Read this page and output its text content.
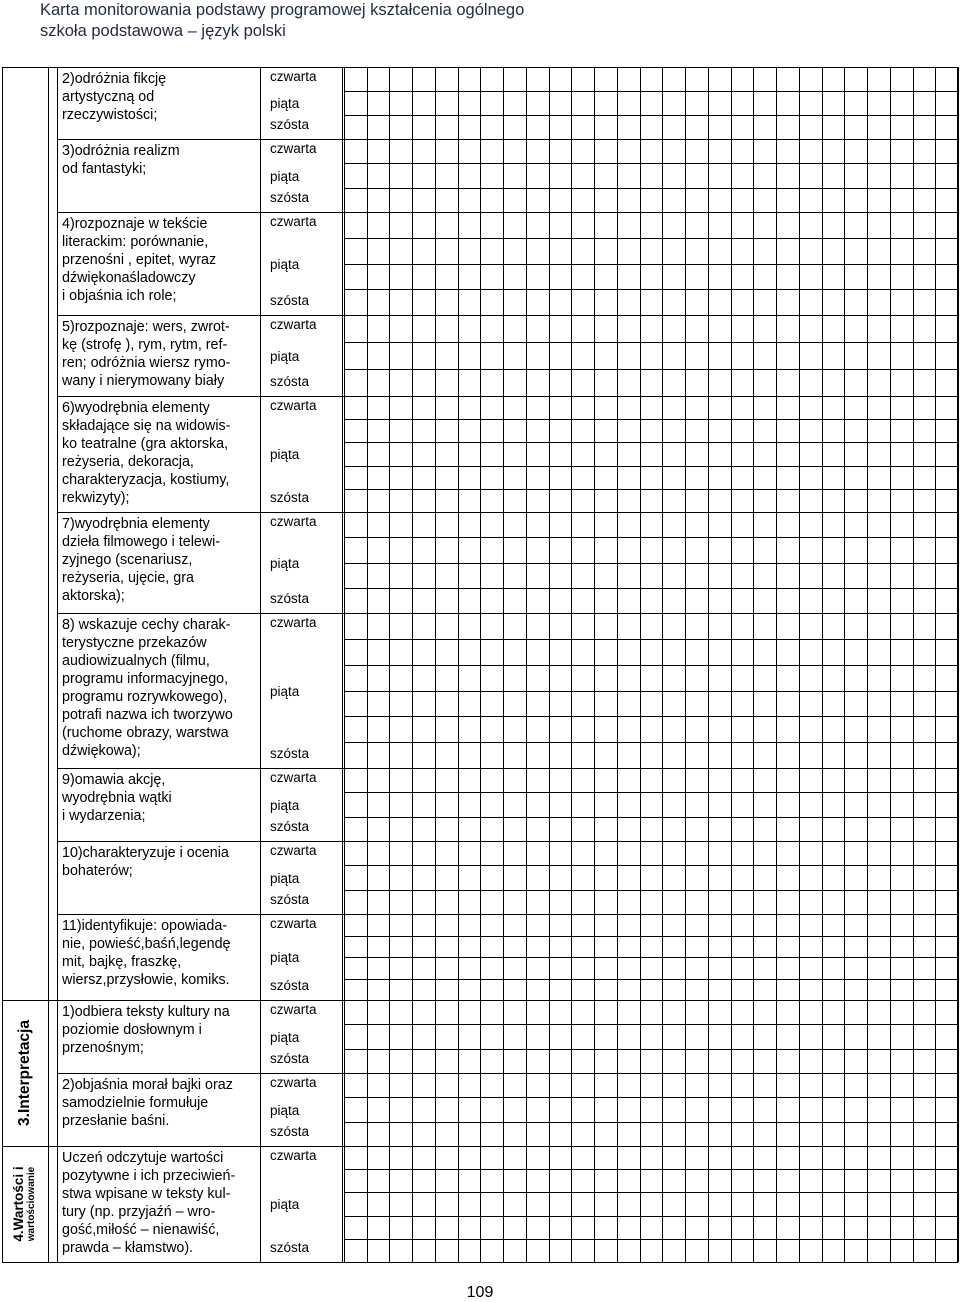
Karta monitorowania podstawy programowej kształcenia ogólnego
szkoła podstawowa – język polski
3.Interpretacja
4.Wartości i wartościowanie
2)odróżnia fikcję
artystyczną od
rzeczywistości;
czwarta
piąta
szósta
3)odróżnia realizm
od fantastyki;
czwarta
piąta
szósta
4)rozpoznaje w tekście
literackim: porównanie,
przenośni , epitet, wyraz
dźwiękonaśladowczy
i objaśnia ich role;
czwarta
piąta
szósta
5)rozpoznaje: wers, zwrot-
kę (strofę ), rym, rytm, ref-
ren; odróżnia wiersz rymo-
wany i nierymowany biały
czwarta
piąta
szósta
6)wyodrębnia elementy
składające się na widowis-
ko teatralne (gra aktorska,
reżyseria, dekoracja,
charakteryzacja, kostiumy,
rekwizyty);
czwarta
piąta
szósta
7)wyodrębnia elementy
dzieła filmowego i telewi-
zyjnego (scenariusz,
reżyseria, ujęcie, gra
aktorska);
czwarta
piąta
szósta
8) wskazuje cechy charak-
terystyczne przekazów
audiowizualnych (filmu,
programu informacyjnego,
programu rozrywkowego),
potrafi nazwa ich tworzywo
(ruchome obrazy, warstwa
dźwiękowa);
czwarta
piąta
szósta
9)omawia akcję,
wyodrębnia wątki
i wydarzenia;
czwarta
piąta
szósta
10)charakteryzuje i ocenia
bohaterów;
czwarta
piąta
szósta
11)identyfikuje: opowiada-
nie, powieść,baśń,legendę
mit, bajkę, fraszkę,
wiersz,przysłowie, komiks.
czwarta
piąta
szósta
1)odbiera teksty kultury na
poziomie dosłownym i
przenośnym;
czwarta
piąta
szósta
2)objaśnia morał bajki oraz
samodzielnie formułuje
przesłanie baśni.
czwarta
piąta
szósta
Uczeń odczytuje wartości
pozytywne i ich przeciwień-
stwa wpisane w teksty kul-
tury (np. przyjaźń – wro-
gość,miłość – nienawiść,
prawda – kłamstwo).
czwarta
piąta
szósta
109
